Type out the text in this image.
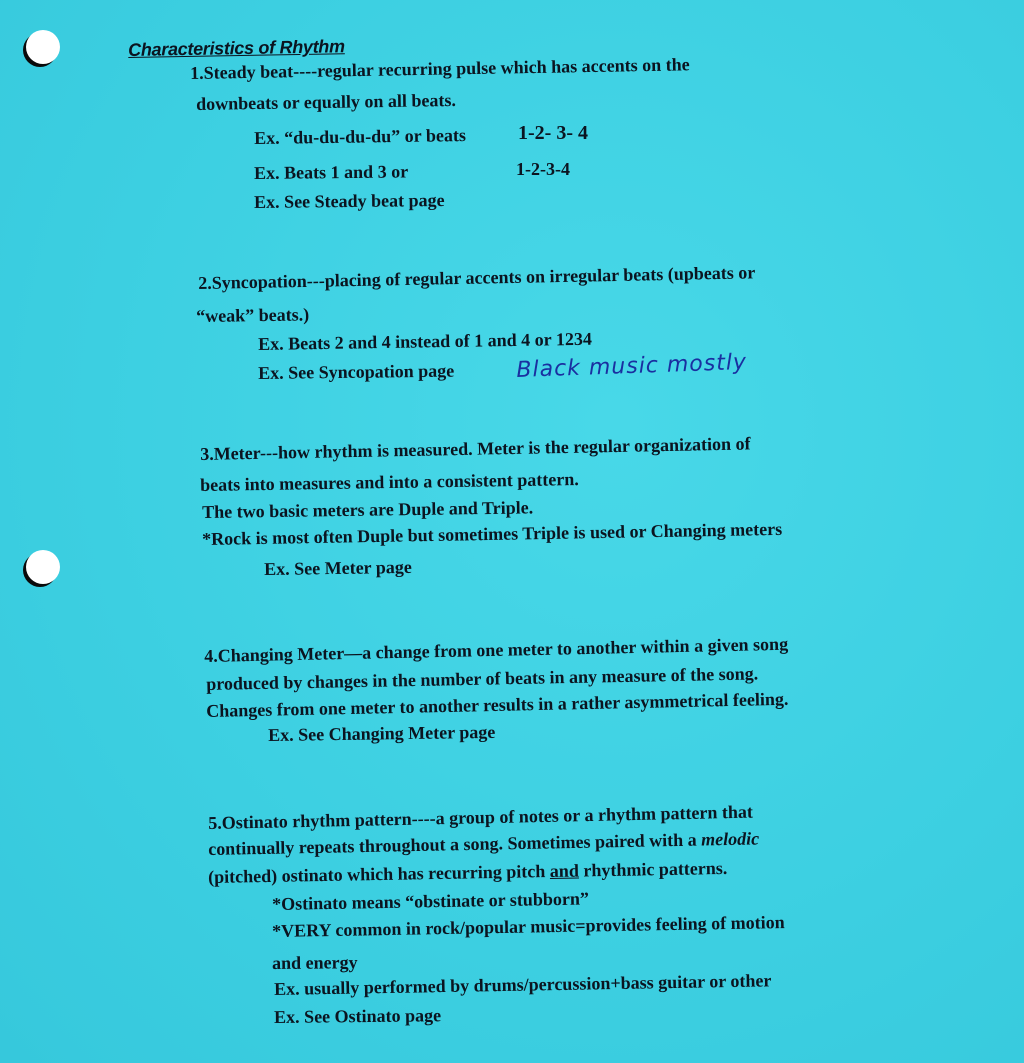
Characteristics of Rhythm
1.Steady beat----regular recurring pulse which has accents on the
downbeats or equally on all beats.
Ex. “du-du-du-du” or beats	1-2- 3- 4
Ex. Beats 1 and 3 or	1-2-3-4
Ex. See Steady beat page
2.Syncopation---placing of regular accents on irregular beats (upbeats or
“weak” beats.)
Ex. Beats 2 and 4 instead of 1 and 4 or 1234
Ex. See Syncopation page	Black music mostly
3.Meter---how rhythm is measured. Meter is the regular organization of
beats into measures and into a consistent pattern.
The two basic meters are Duple and Triple.
*Rock is most often Duple but sometimes Triple is used or Changing meters
Ex. See Meter page
4.Changing Meter—a change from one meter to another within a given song
produced by changes in the number of beats in any measure of the song.
Changes from one meter to another results in a rather asymmetrical feeling.
Ex. See Changing Meter page
5.Ostinato rhythm pattern----a group of notes or a rhythm pattern that
continually repeats throughout a song. Sometimes paired with a melodic
(pitched) ostinato which has recurring pitch and rhythmic patterns.
*Ostinato means “obstinate or stubborn”
*VERY common in rock/popular music=provides feeling of motion
and energy
Ex. usually performed by drums/percussion+bass guitar or other
Ex. See Ostinato page
